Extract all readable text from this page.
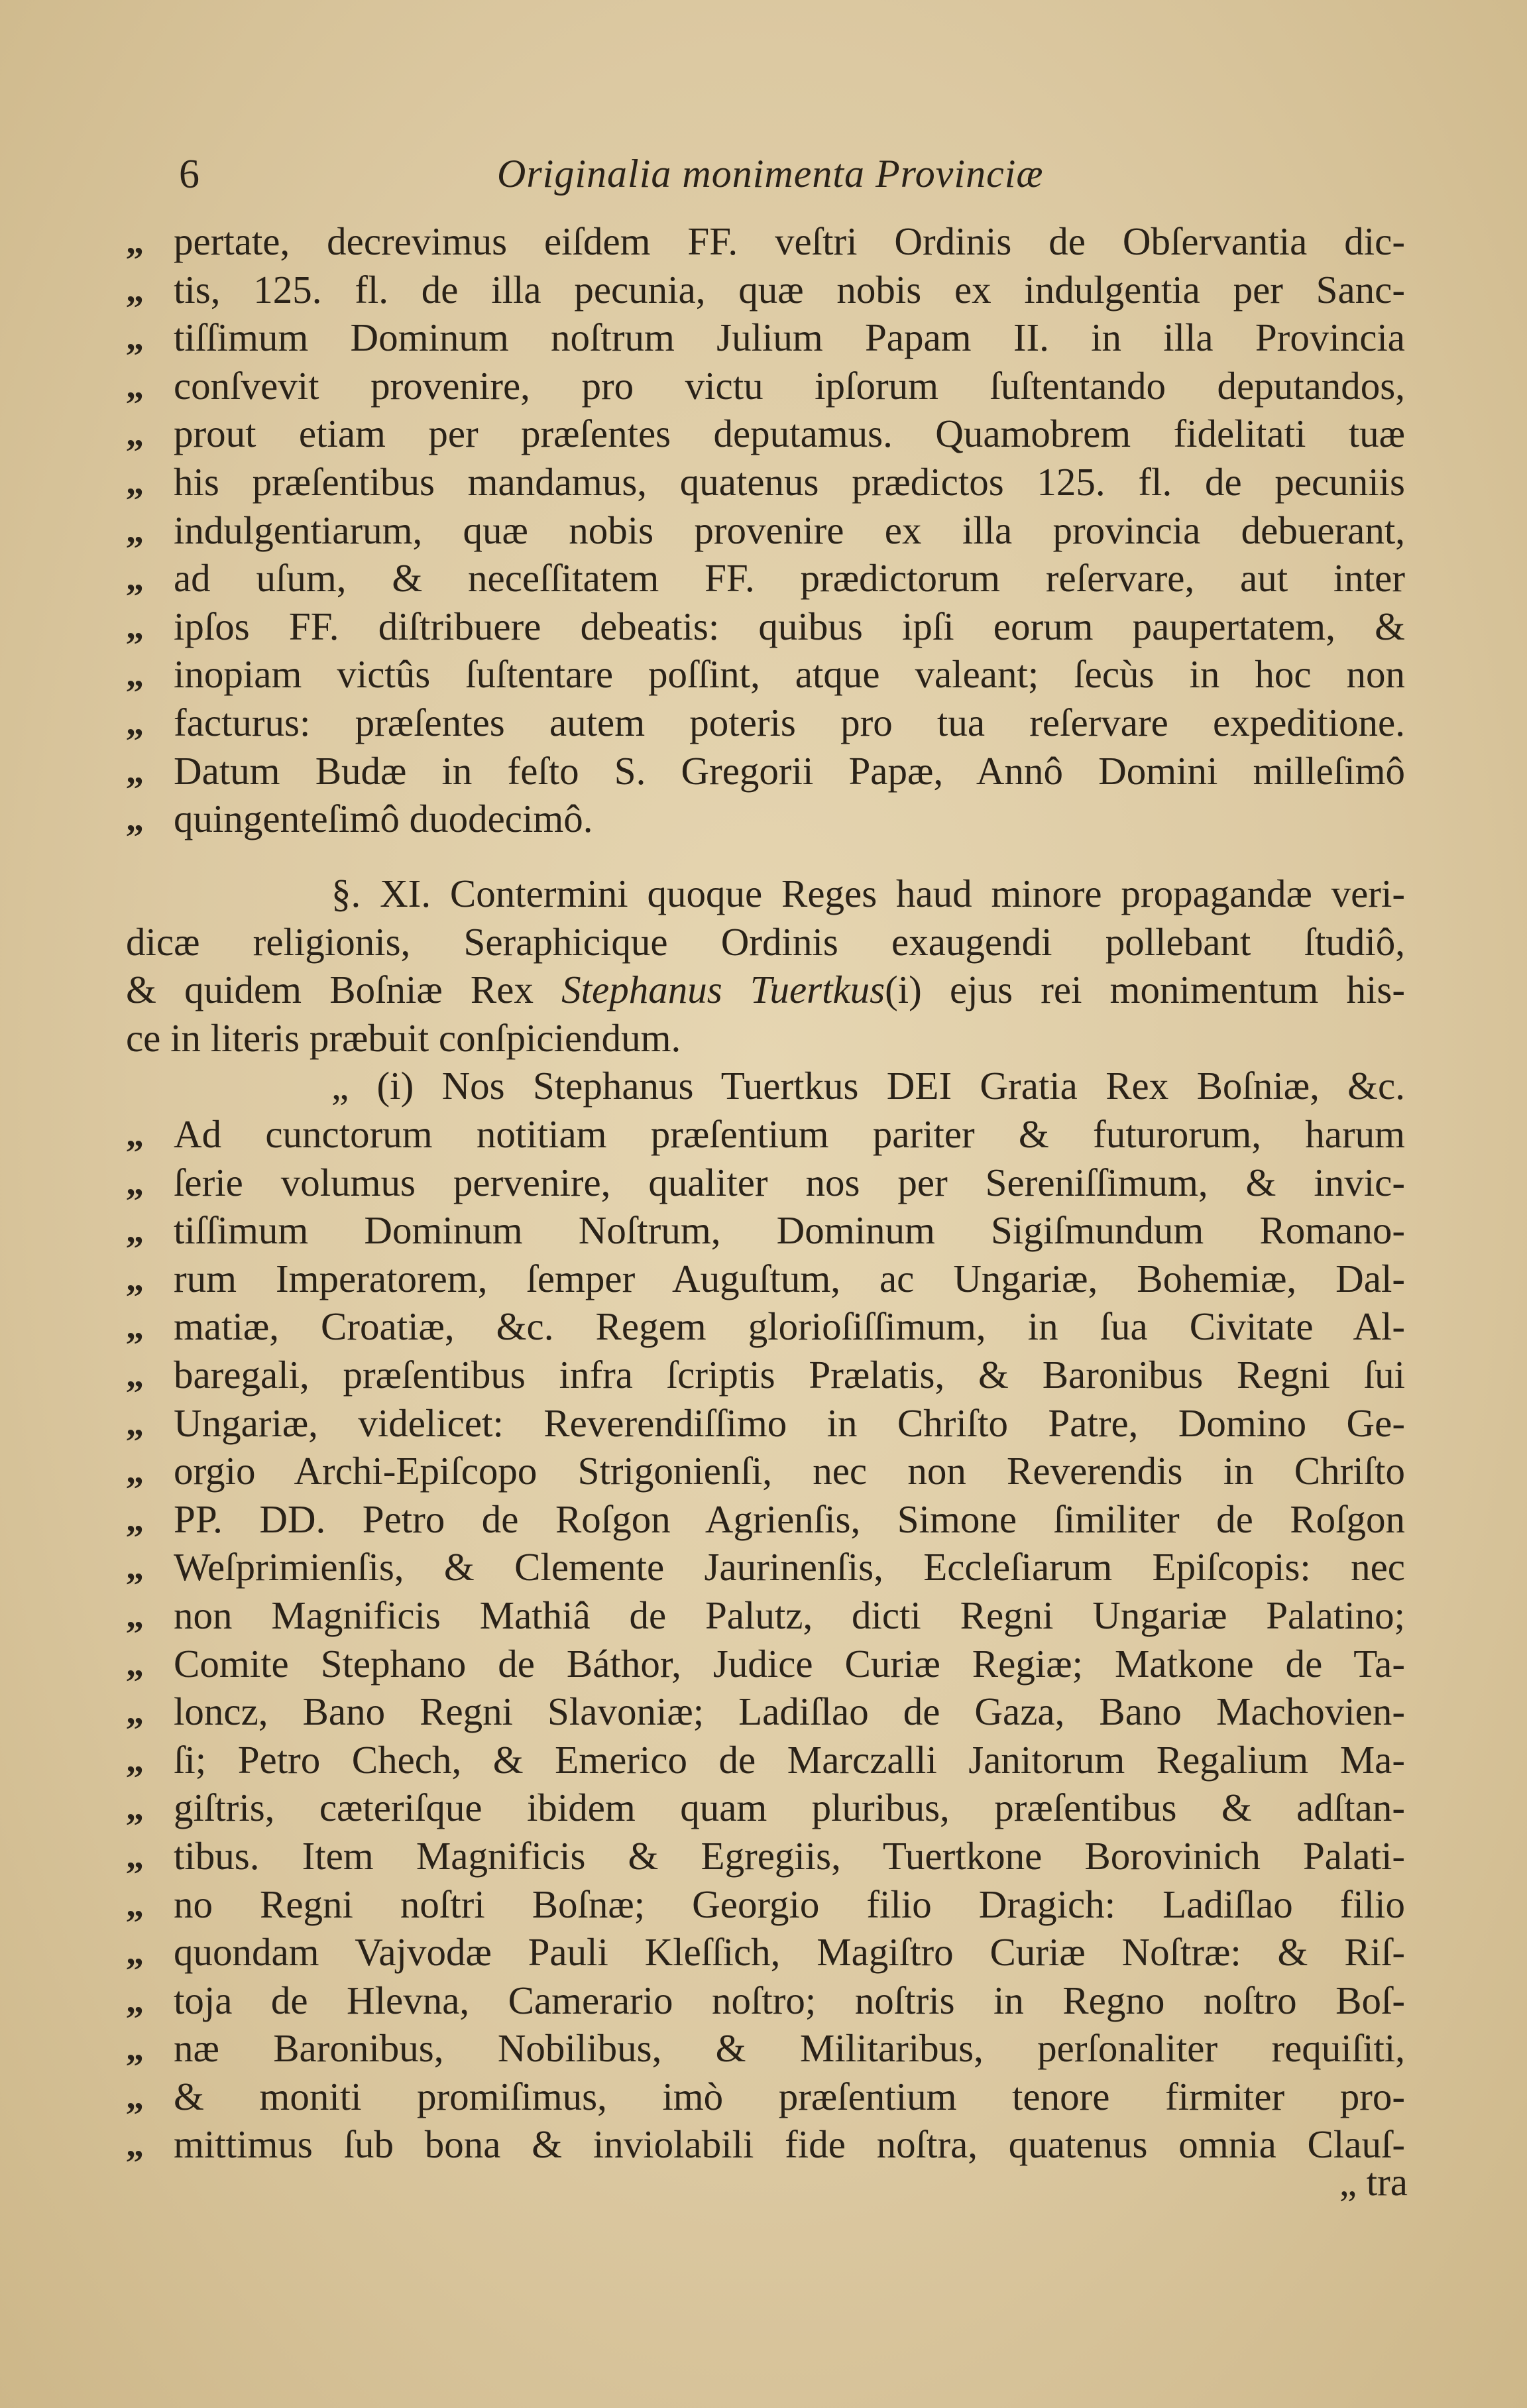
6	Originalia monimenta Provinciæ
„ pertate, decrevimus eiſdem FF. veſtri Ordinis de Obſervantia dic-
„ tis, 125. fl. de illa pecunia, quæ nobis ex indulgentia per Sanc-
„ tiſſimum Dominum noſtrum Julium Papam II. in illa Provincia
„ conſvevit provenire, pro victu ipſorum ſuſtentando deputandos,
„ prout etiam per præſentes deputamus. Quamobrem fidelitati tuæ
„ his præſentibus mandamus, quatenus prædictos 125. fl. de pecuniis
„ indulgentiarum, quæ nobis provenire ex illa provincia debuerant,
„ ad uſum, & neceſſitatem FF. prædictorum reſervare, aut inter
„ ipſos FF. diſtribuere debeatis: quibus ipſi eorum paupertatem, &
„ inopiam victûs ſuſtentare poſſint, atque valeant; ſecùs in hoc non
„ facturus: præſentes autem poteris pro tua reſervare expeditione.
„ Datum Budæ in feſto S. Gregorii Papæ, Annô Domini milleſimô
„ quingenteſimô duodecimô.
§. XI. Contermini quoque Reges haud minore propagandæ veri-
dicæ religionis, Seraphicique Ordinis exaugendi pollebant ſtudiô,
& quidem Boſniæ Rex Stephanus Tuertkus(i) ejus rei monimentum his-
ce in literis præbuit conſpiciendum.
„ (i) Nos Stephanus Tuertkus DEI Gratia Rex Boſniæ, &c.
„ Ad cunctorum notitiam præſentium pariter & futurorum, harum
„ ſerie volumus pervenire, qualiter nos per Sereniſſimum, & invic-
„ tiſſimum Dominum Noſtrum, Dominum Sigiſmundum Romano-
„ rum Imperatorem, ſemper Auguſtum, ac Ungariæ, Bohemiæ, Dal-
„ matiæ, Croatiæ, &c. Regem glorioſiſſimum, in ſua Civitate Al-
„ baregali, præſentibus infra ſcriptis Prælatis, & Baronibus Regni ſui
„ Ungariæ, videlicet: Reverendiſſimo in Chriſto Patre, Domino Ge-
„ orgio Archi-Epiſcopo Strigonienſi, nec non Reverendis in Chriſto
„ PP. DD. Petro de Roſgon Agrienſis, Simone ſimiliter de Roſgon
„ Weſprimienſis, & Clemente Jaurinenſis, Eccleſiarum Epiſcopis: nec
„ non Magnificis Mathiâ de Palutz, dicti Regni Ungariæ Palatino;
„ Comite Stephano de Báthor, Judice Curiæ Regiæ; Matkone de Ta-
„ loncz, Bano Regni Slavoniæ; Ladiſlao de Gaza, Bano Machovien-
„ ſi; Petro Chech, & Emerico de Marczalli Janitorum Regalium Ma-
„ giſtris, cæteriſque ibidem quam pluribus, præſentibus & adſtan-
„ tibus. Item Magnificis & Egregiis, Tuertkone Borovinich Palati-
„ no Regni noſtri Boſnæ; Georgio filio Dragich: Ladiſlao filio
„ quondam Vajvodæ Pauli Kleſſich, Magiſtro Curiæ Noſtræ: & Riſ-
„ toja de Hlevna, Camerario noſtro; noſtris in Regno noſtro Boſ-
„ næ Baronibus, Nobilibus, & Militaribus, perſonaliter requiſiti,
„ & moniti promiſimus, imò præſentium tenore firmiter pro-
„ mittimus ſub bona & inviolabili fide noſtra, quatenus omnia Clauſ-
„ tra
